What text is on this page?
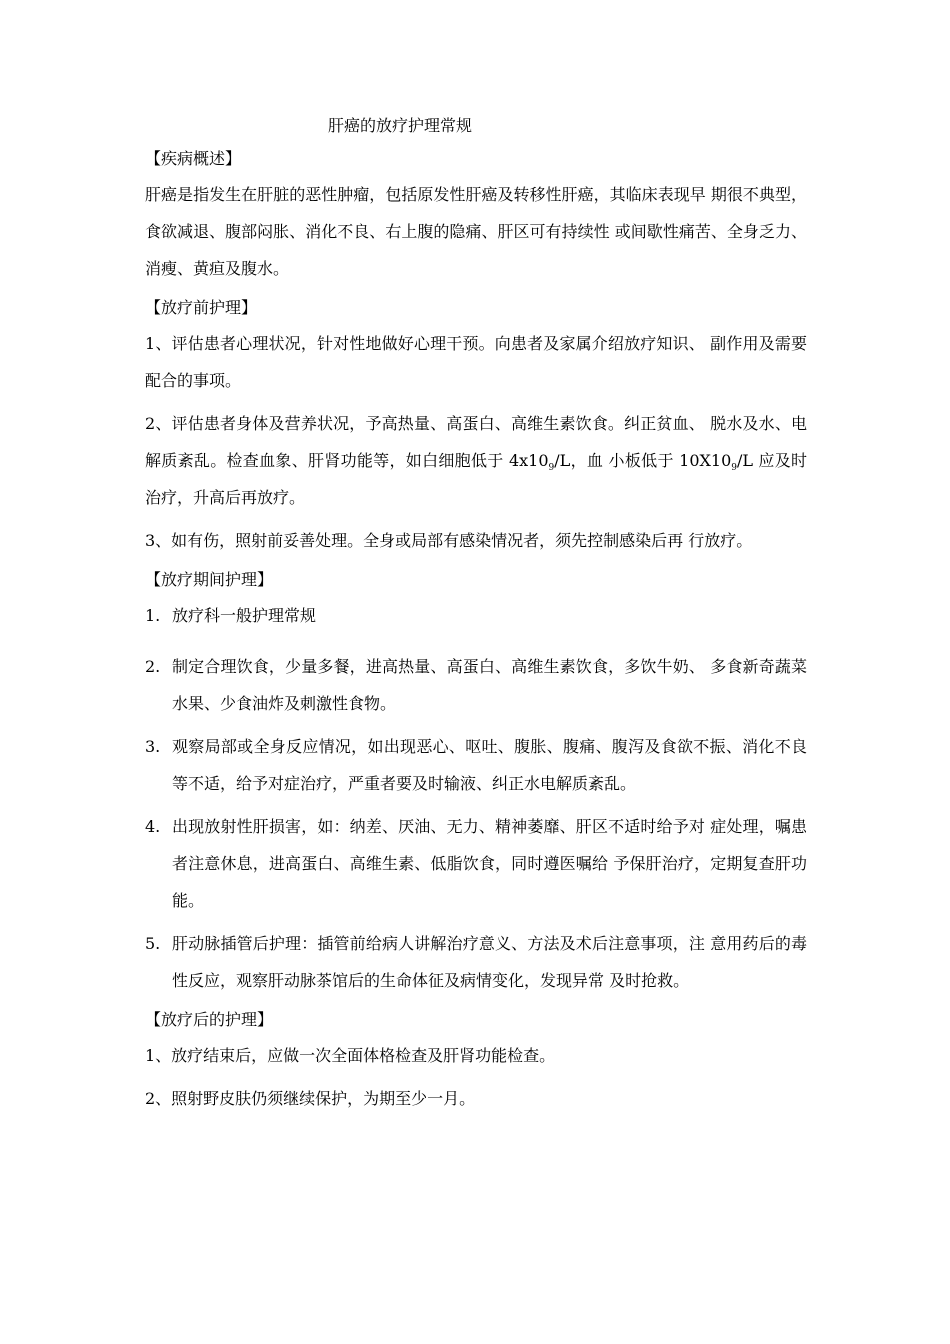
肝癌的放疗护理常规
【疾病概述】

肝癌是指发生在肝脏的恶性肿瘤，包括原发性肝癌及转移性肝癌，其临床表现早 期很不典型，食欲减退、腹部闷胀、消化不良、右上腹的隐痛、肝区可有持续性 或间歇性痛苦、全身乏力、消瘦、黄疸及腹水。

【放疗前护理】

1、评估患者心理状况，针对性地做好心理干预。向患者及家属介绍放疗知识、 副作用及需要配合的事项。

2、评估患者身体及营养状况，予高热量、高蛋白、高维生素饮食。纠正贫血、 脱水及水、电解质紊乱。检查血象、肝肾功能等，如白细胞低于 $4x10_9/L$，血 小板低于 $10X10_9/L$ 应及时治疗，升高后再放疗。

3、如有伤，照射前妥善处理。全身或局部有感染情况者，须先控制感染后再 行放疗。

【放疗期间护理】
1. 放疗科一般护理常规
2. 制定合理饮食，少量多餐，进高热量、高蛋白、高维生素饮食，多饮牛奶、 多食新奇蔬菜水果、少食油炸及刺激性食物。
3. 观察局部或全身反应情况，如出现恶心、呕吐、腹胀、腹痛、腹泻及食欲不振、消化不良等不适，给予对症治疗，严重者要及时输液、纠正水电解质紊乱。
4. 出现放射性肝损害，如：纳差、厌油、无力、精神萎靡、肝区不适时给予对 症处理，嘱患者注意休息，进高蛋白、高维生素、低脂饮食，同时遵医嘱给 予保肝治疗，定期复查肝功能。
5. 肝动脉插管后护理：插管前给病人讲解治疗意义、方法及术后注意事项，注 意用药后的毒性反应，观察肝动脉茶馆后的生命体征及病情变化，发现异常 及时抢救。
【放疗后的护理】

1、放疗结束后，应做一次全面体格检查及肝肾功能检查。

2、照射野皮肤仍须继续保护，为期至少一月。
